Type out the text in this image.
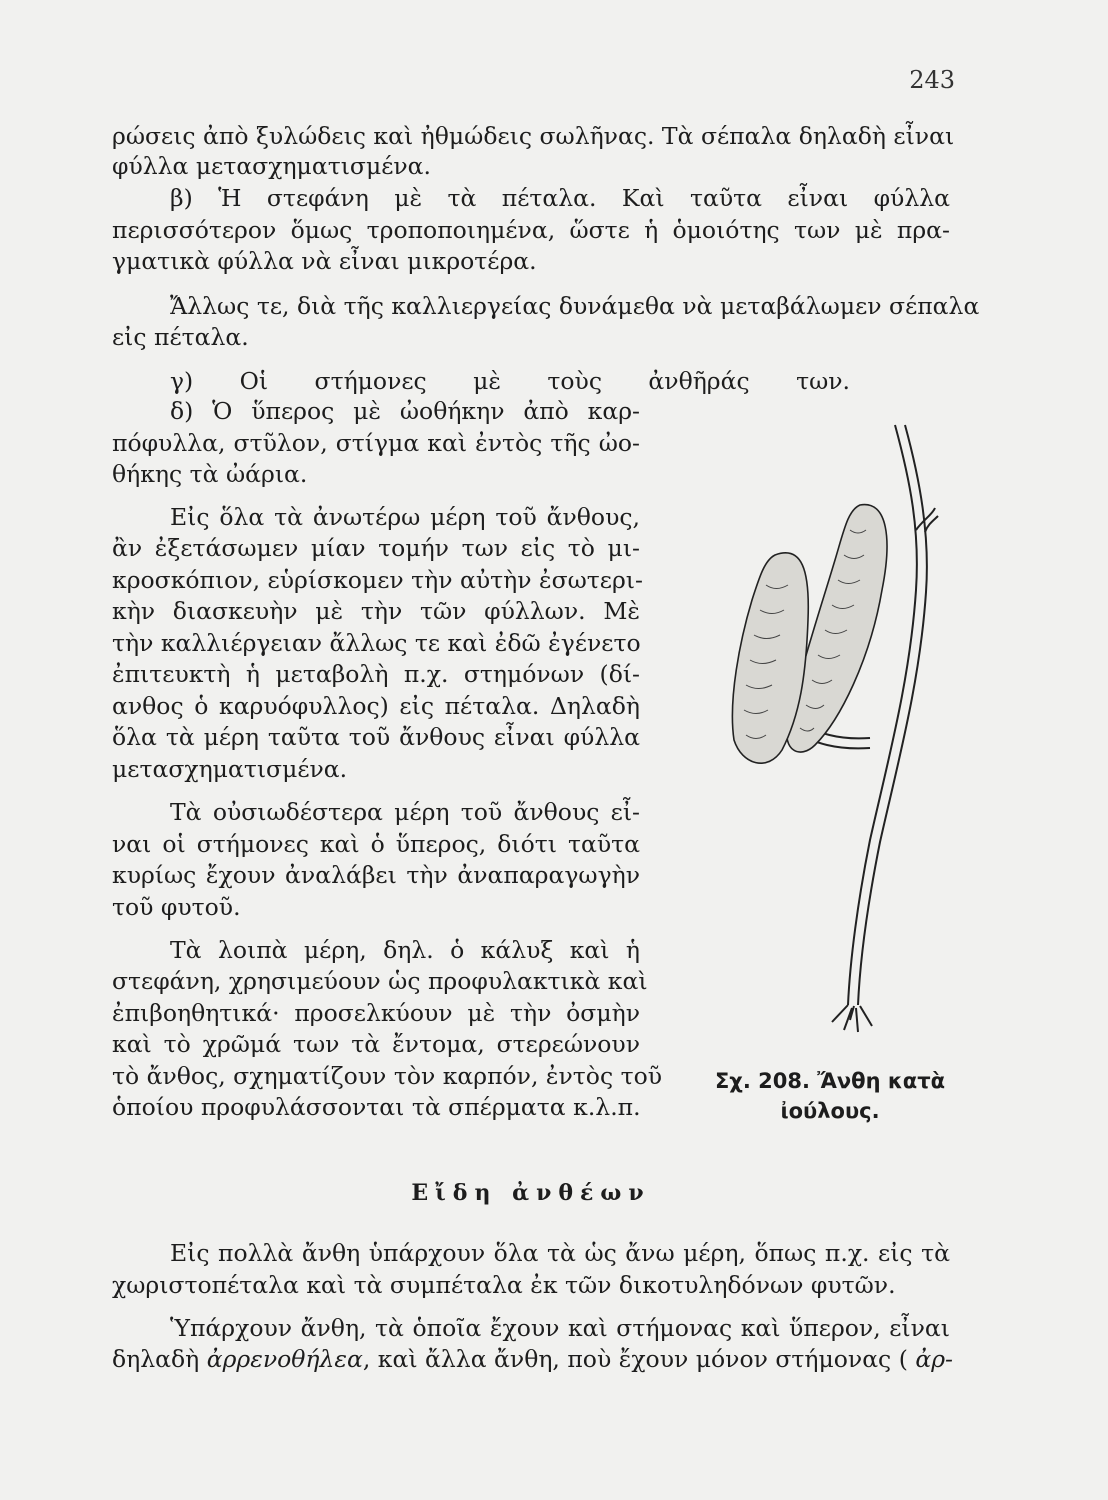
243
ρώσεις ἀπὸ ξυλώδεις καὶ ἠθμώδεις σωλῆνας. Τὰ σέπαλα δηλαδὴ εἶναι
φύλλα μετασχηματισμένα.
β) Ἡ στεφάνη μὲ τὰ πέταλα. Καὶ ταῦτα εἶναι φύλλα
περισσότερον ὅμως τροποποιημένα, ὥστε ἡ ὁμοιότης των μὲ πρα-
γματικὰ φύλλα νὰ εἶναι μικροτέρα.
Ἄλλως τε, διὰ τῆς καλλιεργείας δυνάμεθα νὰ μεταβάλωμεν σέπαλα
εἰς πέταλα.
γ) Οἱ στήμονες μὲ τοὺς ἀνθῆράς των.
δ) Ὁ ὕπερος μὲ ὠοθήκην ἀπὸ καρ-
πόφυλλα, στῦλον, στίγμα καὶ ἐντὸς τῆς ὠο-
θήκης τὰ ὠάρια.
Εἰς ὅλα τὰ ἀνωτέρω μέρη τοῦ ἄνθους,
ἂν ἐξετάσωμεν μίαν τομήν των εἰς τὸ μι-
κροσκόπιον, εὑρίσκομεν τὴν αὐτὴν ἐσωτερι-
κὴν διασκευὴν μὲ τὴν τῶν φύλλων. Μὲ
τὴν καλλιέργειαν ἄλλως τε καὶ ἐδῶ ἐγένετο
ἐπιτευκτὴ ἡ μεταβολὴ π.χ. στημόνων (δί-
ανθος ὁ καρυόφυλλος) εἰς πέταλα. Δηλαδὴ
ὅλα τὰ μέρη ταῦτα τοῦ ἄνθους εἶναι φύλλα
μετασχηματισμένα.
Τὰ οὐσιωδέστερα μέρη τοῦ ἄνθους εἶ-
ναι οἱ στήμονες καὶ ὁ ὕπερος, διότι ταῦτα
κυρίως ἔχουν ἀναλάβει τὴν ἀναπαραγωγὴν
τοῦ φυτοῦ.
Τὰ λοιπὰ μέρη, δηλ. ὁ κάλυξ καὶ ἡ
στεφάνη, χρησιμεύουν ὡς προφυλακτικὰ καὶ
ἐπιβοηθητικά· προσελκύουν μὲ τὴν ὀσμὴν
καὶ τὸ χρῶμά των τὰ ἔντομα, στερεώνουν
τὸ ἄνθος, σχηματίζουν τὸν καρπόν, ἐντὸς τοῦ
ὁποίου προφυλάσσονται τὰ σπέρματα κ.λ.π.
Σχ. 208. Ἄνθη κατὰ
ἰούλους.
Εἴδη ἀνθέων
Εἰς πολλὰ ἄνθη ὑπάρχουν ὅλα τὰ ὡς ἄνω μέρη, ὅπως π.χ. εἰς τὰ
χωριστοπέταλα καὶ τὰ συμπέταλα ἐκ τῶν δικοτυληδόνων φυτῶν.
Ὑπάρχουν ἄνθη, τὰ ὁποῖα ἔχουν καὶ στήμονας καὶ ὕπερον, εἶναι
δηλαδὴ ἀρρενοθήλεα, καὶ ἄλλα ἄνθη, ποὺ ἔχουν μόνον στήμονας ( ἀρ-
